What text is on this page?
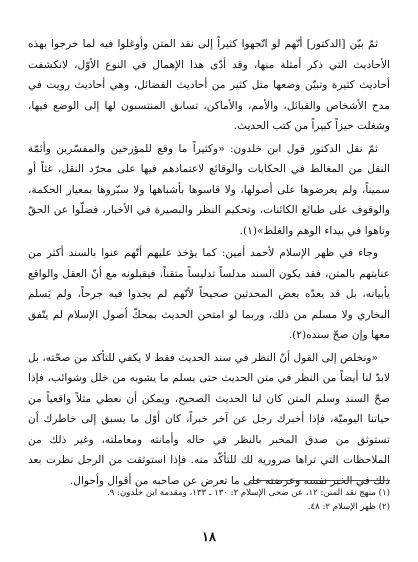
ثمّ بيّن [الدكتور] أنّهم لو اتّجهوا كثيراً إلى نقد المتن وأوغلوا فيه لما خرجوا بهذه الأحاديث التي ذكر أمثلة منها، وقد أدّى هذا الإهمال في النوع الأوّل، لانكشفت أحاديث كثيرة وتبيّن وضعها مثل كثير من أحاديث الفضائل، وهي أحاديث رويت في مدح الأشخاص والقبائل، والأمم، والأماكن، تسابق المنتسبون لها إلى الوضع فيها، وشغلت حيزاً كبيراً من كتب الحديث.

ثمّ نقل الدكتور قول ابن خلدون: «وكثيراً ما وقع للمؤرخين والمفسّرين وأئمّة النقل من المغالط في الحكايات والوقائع لاعتمادهم فيها على مجرّد النقل، غثاً أو سميناً، ولم يعرضوها على أصولها، ولا قاسوها بأشباهها ولا سبّروها بمعيار الحكمة، والوقوف على طبائع الكائنات، وتحكيم النظر والبصيرة في الأخبار، فضلّوا عن الحقّ وتاهوا في بيداء الوهم والغلط»(١).

وجاء في ظهر الإسلام لأحمد أمين: كما يؤخذ عليهم أنّهم عنوا بالسند أكثر من عنايتهم بالمتن، فقد يكون السند مدلساً تدليساً متقناً، فيقبلونه مع أنّ العقل والواقع يأبيانه، بل قد يعدّه بعض المحدثين صحيحاً لأنّهم لم يجدوا فيه جرحاً، ولم يَسلم البخاري ولا مسلم من ذلك، وربما لو امتحن الحديث بمحكّ أصول الإسلام لم يتّفق معها وإن صحّ سنده(٢).

«ونخلص إلى القول أنّ النظر في سند الحديث فقط لا يكفي للتأكد من صحّته، بل لابدّ لنا أيضاً من النظر في متن الحديث حتى يسلم ما يشوبه من خلل وشوائب، فإذا صحّ السند وسلم المتن كان لنا الحديث الصحيح، ويمكن أن نعطي مثلاً واقعياً من حياتنا اليوميّة، فإذا أخبرك رجل عن آخر خبراً، كان أوّل ما يسبق إلى خاطرك أن تستوثق من صدق المخبر بالنظر في حاله وأمانته ومعاملته، وغير ذلك من الملاحظات التي تراها ضرورية لك للتأكّد منه. فإذا استوثقت من الرجل نظرت بعد ذلك في الخبر نفسه وعرضته على ما تعرض عن صاحبه من أقوال وأحوال.

(١) منهج نقد المتن: ١٢، عن ضحى الإسلام ٢: ١٣٠ ـ ١٣٣، ومقدمة ابن خلدون: ٩.

(٢) ظهر الإسلام ٢: ٤٨.

١٨
